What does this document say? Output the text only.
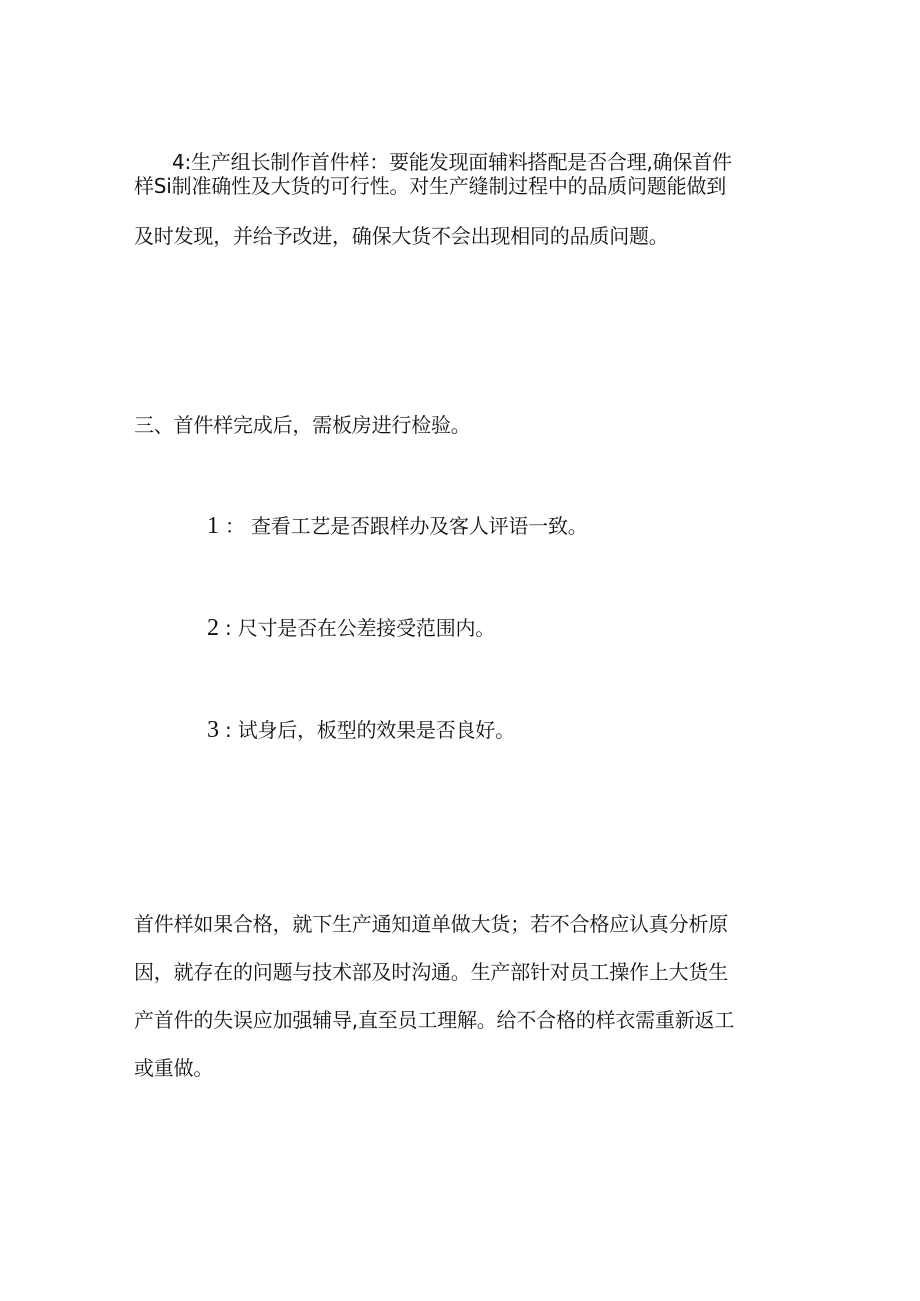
4:生产组长制作首件样：要能发现面辅料搭配是否合理,确保首件
样Si制准确性及大货的可行性。对生产缝制过程中的品质问题能做到
及时发现，并给予改进，确保大货不会出现相同的品质问题。
三、首件样完成后，需板房进行检验。
1 ： 查看工艺是否跟样办及客人评语一致。
2 : 尺寸是否在公差接受范围内。
3 : 试身后，板型的效果是否良好。
首件样如果合格，就下生产通知道单做大货；若不合格应认真分析原
因，就存在的问题与技术部及时沟通。生产部针对员工操作上大货生
产首件的失误应加强辅导,直至员工理解。给不合格的样衣需重新返工
或重做。
